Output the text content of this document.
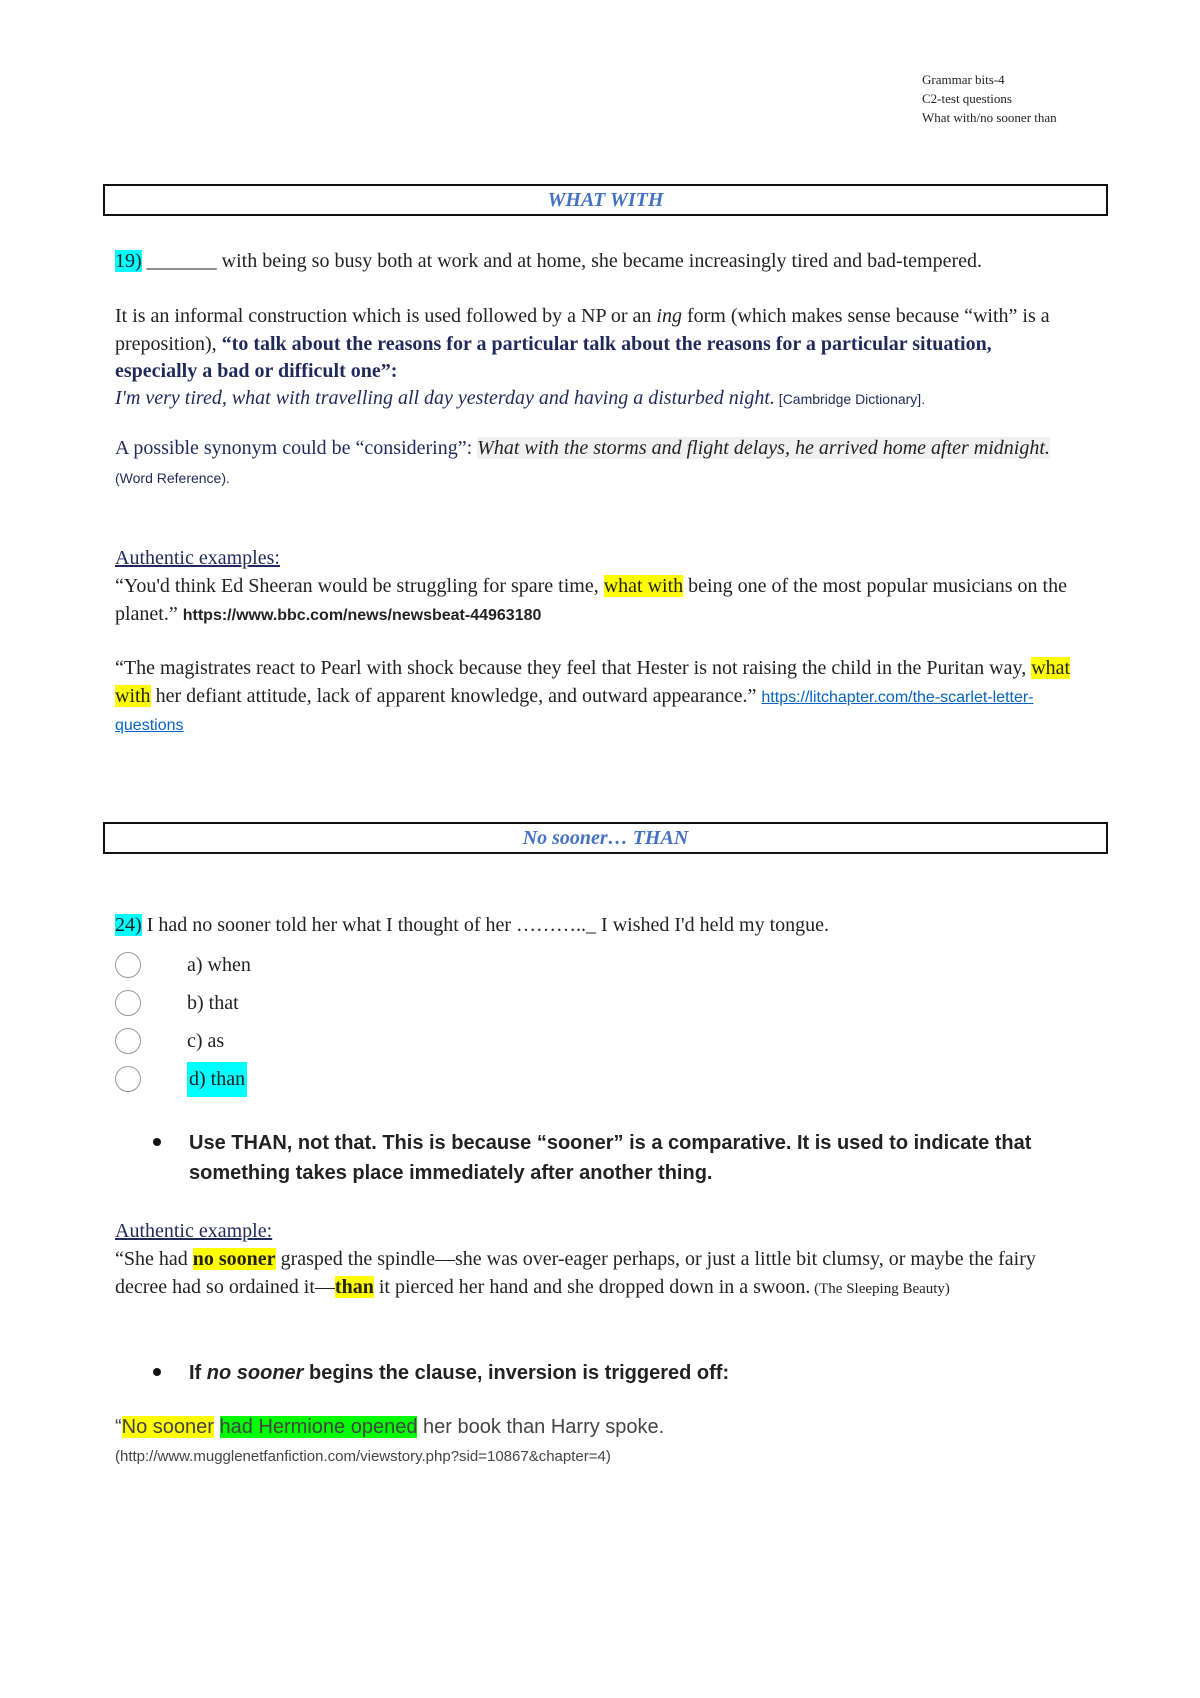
Grammar bits-4
C2-test questions
What with/no sooner than
WHAT WITH
19) _______ with being so busy both at work and at home, she became increasingly tired and bad-tempered.
It is an informal construction which is used followed by a NP or an ing form (which makes sense because “with” is a preposition), “to talk about the reasons for a particular talk about the reasons for a particular situation, especially a bad or difficult one”:
I'm very tired, what with travelling all day yesterday and having a disturbed night. [Cambridge Dictionary].
A possible synonym could be “considering”: What with the storms and flight delays, he arrived home after midnight. (Word Reference).
Authentic examples:
“You'd think Ed Sheeran would be struggling for spare time, what with being one of the most popular musicians on the planet.” https://www.bbc.com/news/newsbeat-44963180
“The magistrates react to Pearl with shock because they feel that Hester is not raising the child in the Puritan way, what with her defiant attitude, lack of apparent knowledge, and outward appearance.” https://litchapter.com/the-scarlet-letter-questions
No sooner… THAN
24) I had no sooner told her what I thought of her ……….._ I wished I'd held my tongue.
a) when
b) that
c) as
d) than
Use THAN, not that. This is because “sooner” is a comparative. It is used to indicate that something takes place immediately after another thing.
Authentic example:
“She had no sooner grasped the spindle—she was over-eager perhaps, or just a little bit clumsy, or maybe the fairy decree had so ordained it—than it pierced her hand and she dropped down in a swoon. (The Sleeping Beauty)
If no sooner begins the clause, inversion is triggered off:
“No sooner had Hermione opened her book than Harry spoke.
(http://www.mugglenetfanfiction.com/viewstory.php?sid=10867&chapter=4)
